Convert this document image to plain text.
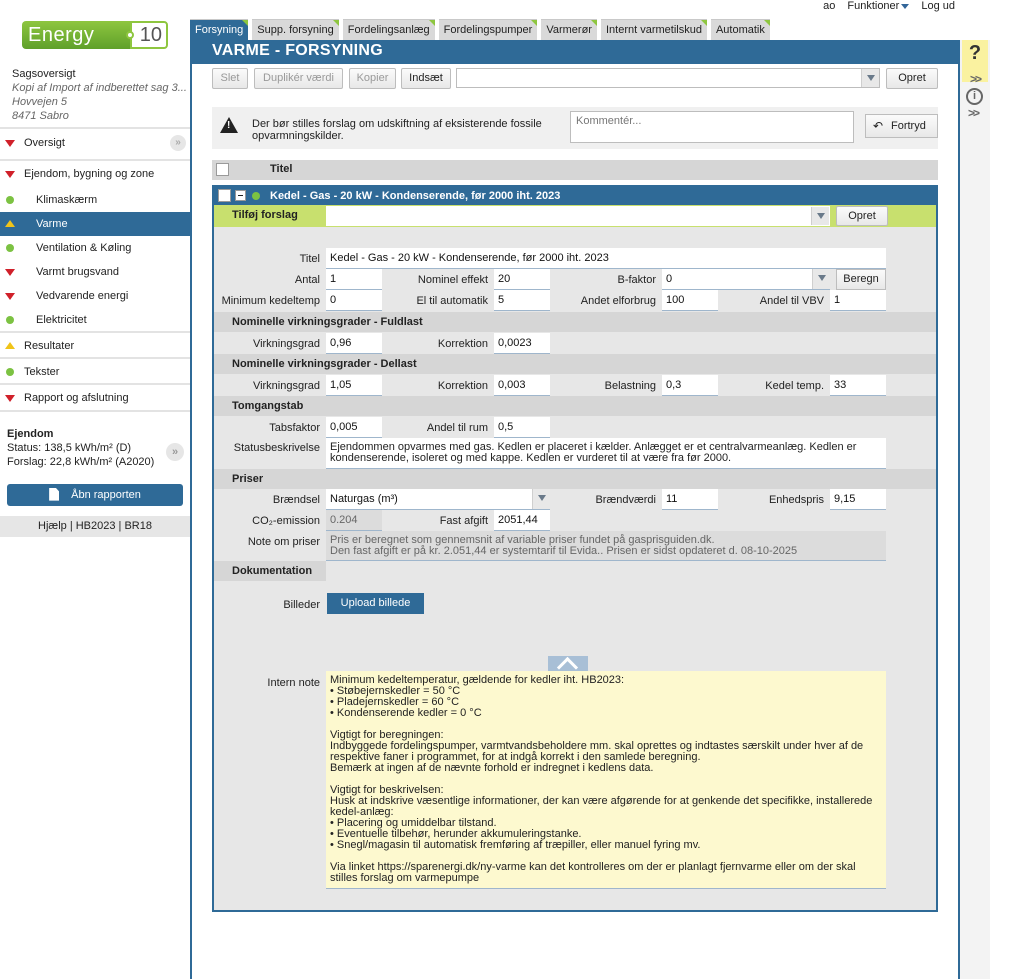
ao Funktioner	Log ud
Energy	10
Sagsoversigt
Kopi af Import af indberettet sag 3...
Hovvejen 5
8471 Sabro
Oversigt	»
Ejendom, bygning og zone
Klimaskærm
Varme
Ventilation & Køling
Varmt brugsvand
Vedvarende energi
Elektricitet
Resultater
Tekster
Rapport og afslutning
Ejendom
Status: 138,5 kWh/m² (D)
Forslag: 22,8 kWh/m² (A2020)
»
Åbn rapporten
Hjælp | HB2023 | BR18
Forsyning	Supp. forsyning	Fordelingsanlæg	Fordelingspumper	Varmerør	Internt varmetilskud	Automatik
VARME - FORSYNING
Slet	Duplikér værdi	Kopier	Indsæt	Opret
!
Der bør stilles forslag om udskiftning af eksisterende fossile opvarmningskilder.
Kommentér...	↶ Fortryd
Titel
Kedel - Gas - 20 kW - Kondenserende, før 2000 iht. 2023
Tilføj forslag	Opret
Titel Kedel - Gas - 20 kW - Kondenserende, før 2000 iht. 2023
Antal 1	Nominel effekt 20	B-faktor 0	Beregn
Minimum kedeltemp 0	El til automatik 5	Andet elforbrug 100	Andel til VBV 1
Nominelle virkningsgrader - Fuldlast
Virkningsgrad 0,96	Korrektion 0,0023
Nominelle virkningsgrader - Dellast
Virkningsgrad 1,05	Korrektion 0,003	Belastning 0,3	Kedel temp. 33
Tomgangstab
Tabsfaktor 0,005	Andel til rum 0,5
Statusbeskrivelse Ejendommen opvarmes med gas. Kedlen er placeret i kælder. Anlægget er et centralvarmeanlæg. Kedlen er kondenserende, isoleret og med kappe. Kedlen er vurderet til at være fra før 2000.
Priser
Brændsel Naturgas (m³)	Brændværdi 11	Enhedspris 9,15
CO₂-emission 0.204	Fast afgift 2051,44
Note om priser Pris er beregnet som gennemsnit af variable priser fundet på gasprisguiden.dk.
Den fast afgift er på kr. 2.051,44 er systemtarif til Evida.. Prisen er sidst opdateret d. 08-10-2025
Dokumentation
Billeder	Upload billede
Intern note Minimum kedeltemperatur, gældende for kedler iht. HB2023:
• Støbejernskedler = 50 °C
• Pladejernskedler = 60 °C
• Kondenserende kedler = 0 °C

Vigtigt for beregningen:
Indbyggede fordelingspumper, varmtvandsbeholdere mm. skal oprettes og indtastes særskilt under hver af de respektive faner i programmet, for at indgå korrekt i den samlede beregning.
Bemærk at ingen af de nævnte forhold er indregnet i kedlens data.

Vigtigt for beskrivelsen:
Husk at indskrive væsentlige informationer, der kan være afgørende for at genkende det specifikke, installerede kedel-anlæg:
• Placering og umiddelbar tilstand.
• Eventuelle tilbehør, herunder akkumuleringstanke.
• Snegl/magasin til automatisk fremføring af træpiller, eller manuel fyring mv.

Via linket https://sparenergi.dk/ny-varme kan det kontrolleres om der er planlagt fjernvarme eller om der skal stilles forslag om varmepumpe
?
>>
i
>>
